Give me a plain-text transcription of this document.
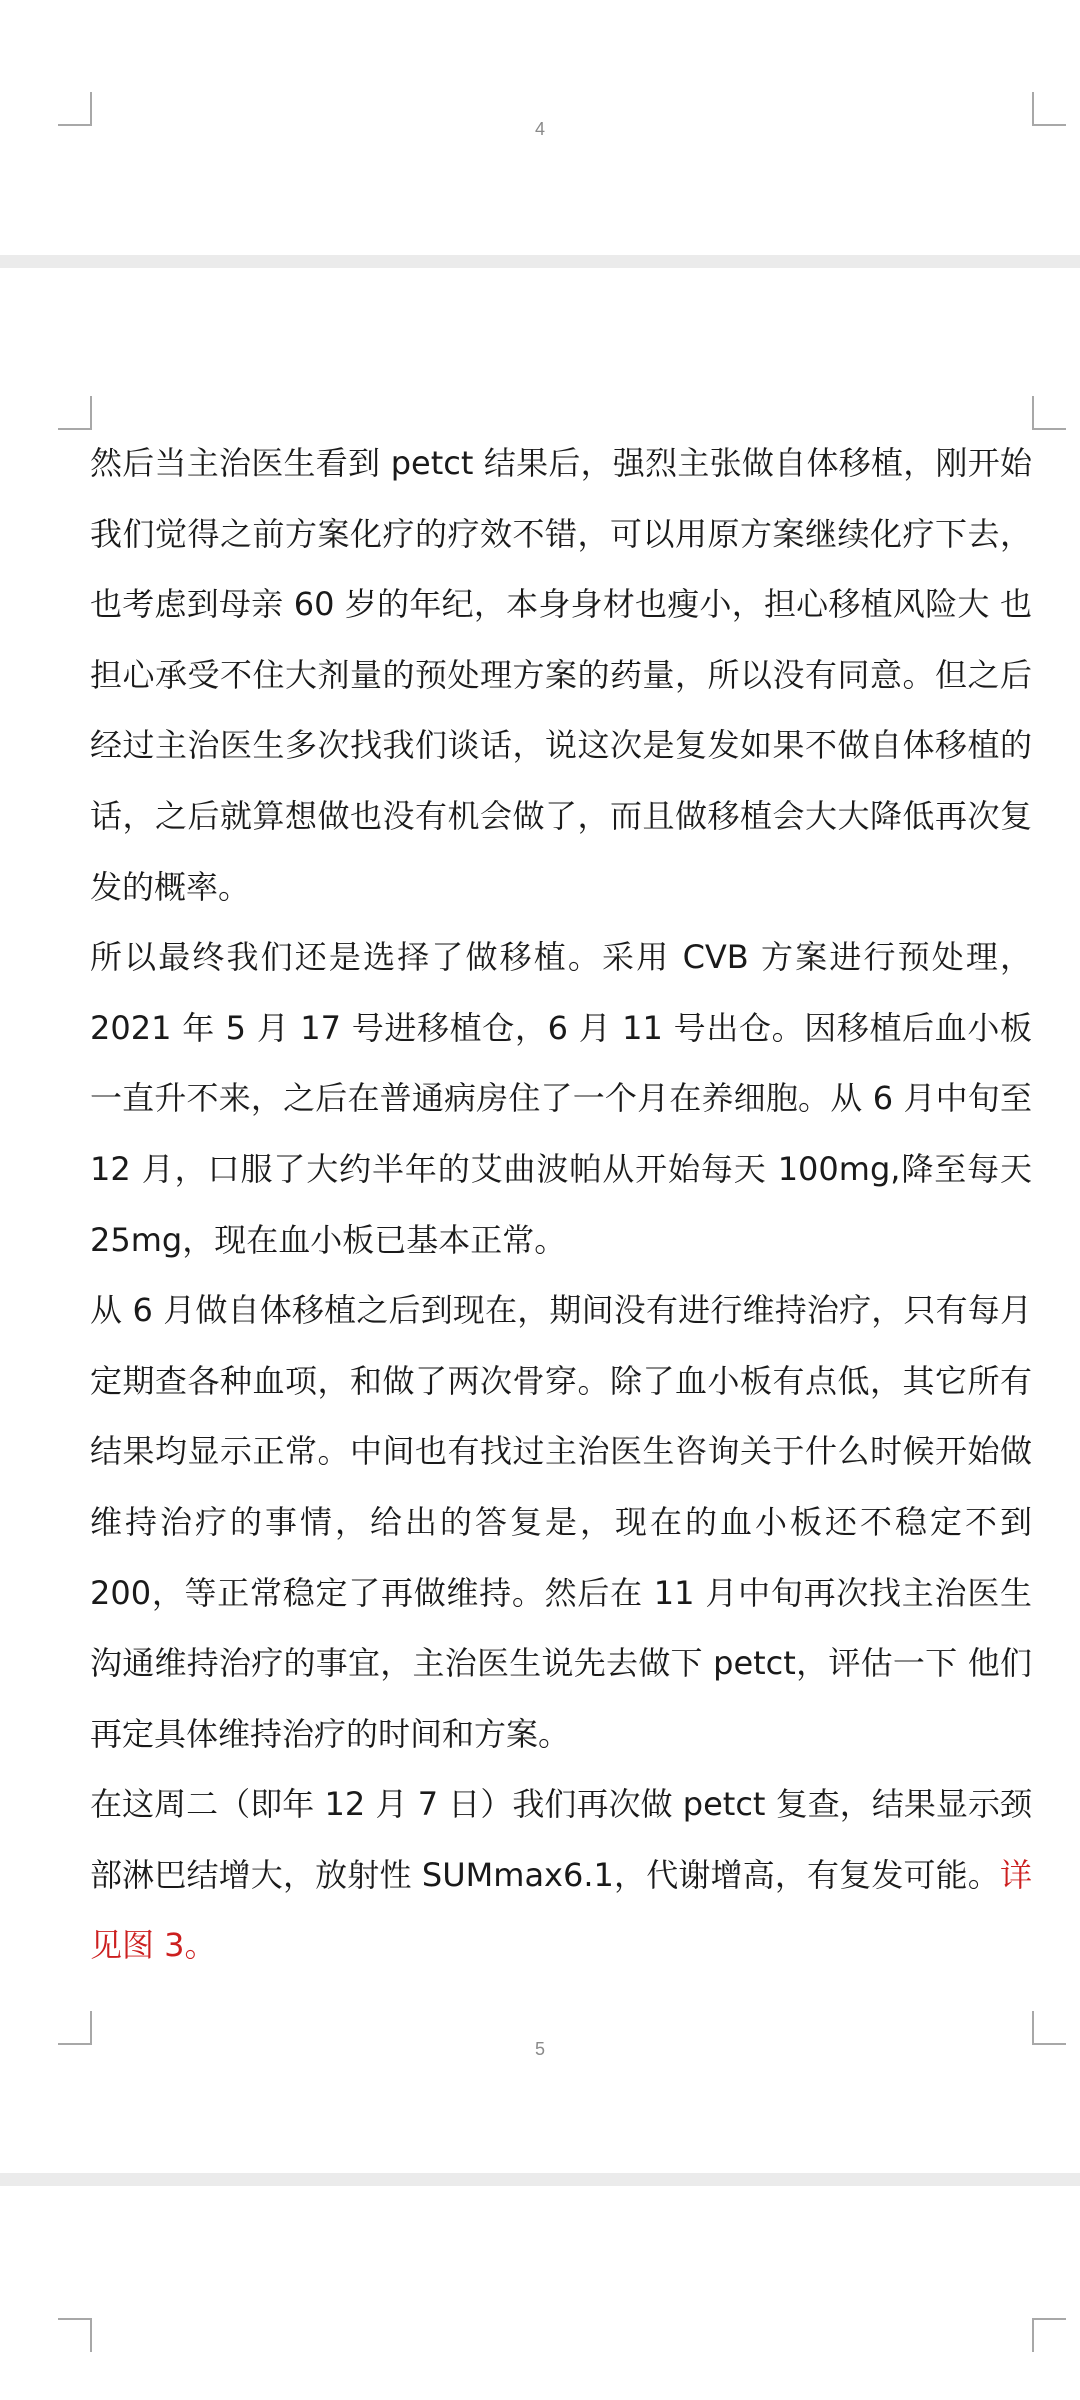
4

然后当主治医生看到 petct 结果后，强烈主张做自体移植，刚开始我们觉得之前方案化疗的疗效不错，可以用原方案继续化疗下去，也考虑到母亲 60 岁的年纪，本身身材也瘦小，担心移植风险大 也担心承受不住大剂量的预处理方案的药量，所以没有同意。但之后经过主治医生多次找我们谈话，说这次是复发如果不做自体移植的话，之后就算想做也没有机会做了，而且做移植会大大降低再次复发的概率。

所以最终我们还是选择了做移植。采用 CVB 方案进行预处理，2021 年 5 月 17 号进移植仓，6 月 11 号出仓。因移植后血小板一直升不来，之后在普通病房住了一个月在养细胞。从 6 月中旬至 12 月，口服了大约半年的艾曲波帕从开始每天 100mg,降至每天 25mg，现在血小板已基本正常。

从 6 月做自体移植之后到现在，期间没有进行维持治疗，只有每月定期查各种血项，和做了两次骨穿。除了血小板有点低，其它所有结果均显示正常。中间也有找过主治医生咨询关于什么时候开始做维持治疗的事情，给出的答复是，现在的血小板还不稳定不到 200，等正常稳定了再做维持。然后在 11 月中旬再次找主治医生沟通维持治疗的事宜，主治医生说先去做下 petct，评估一下 他们再定具体维持治疗的时间和方案。

在这周二（即年 12 月 7 日）我们再次做 petct 复查，结果显示颈部淋巴结增大，放射性 SUMmax6.1，代谢增高，有复发可能。详见图 3。

5
